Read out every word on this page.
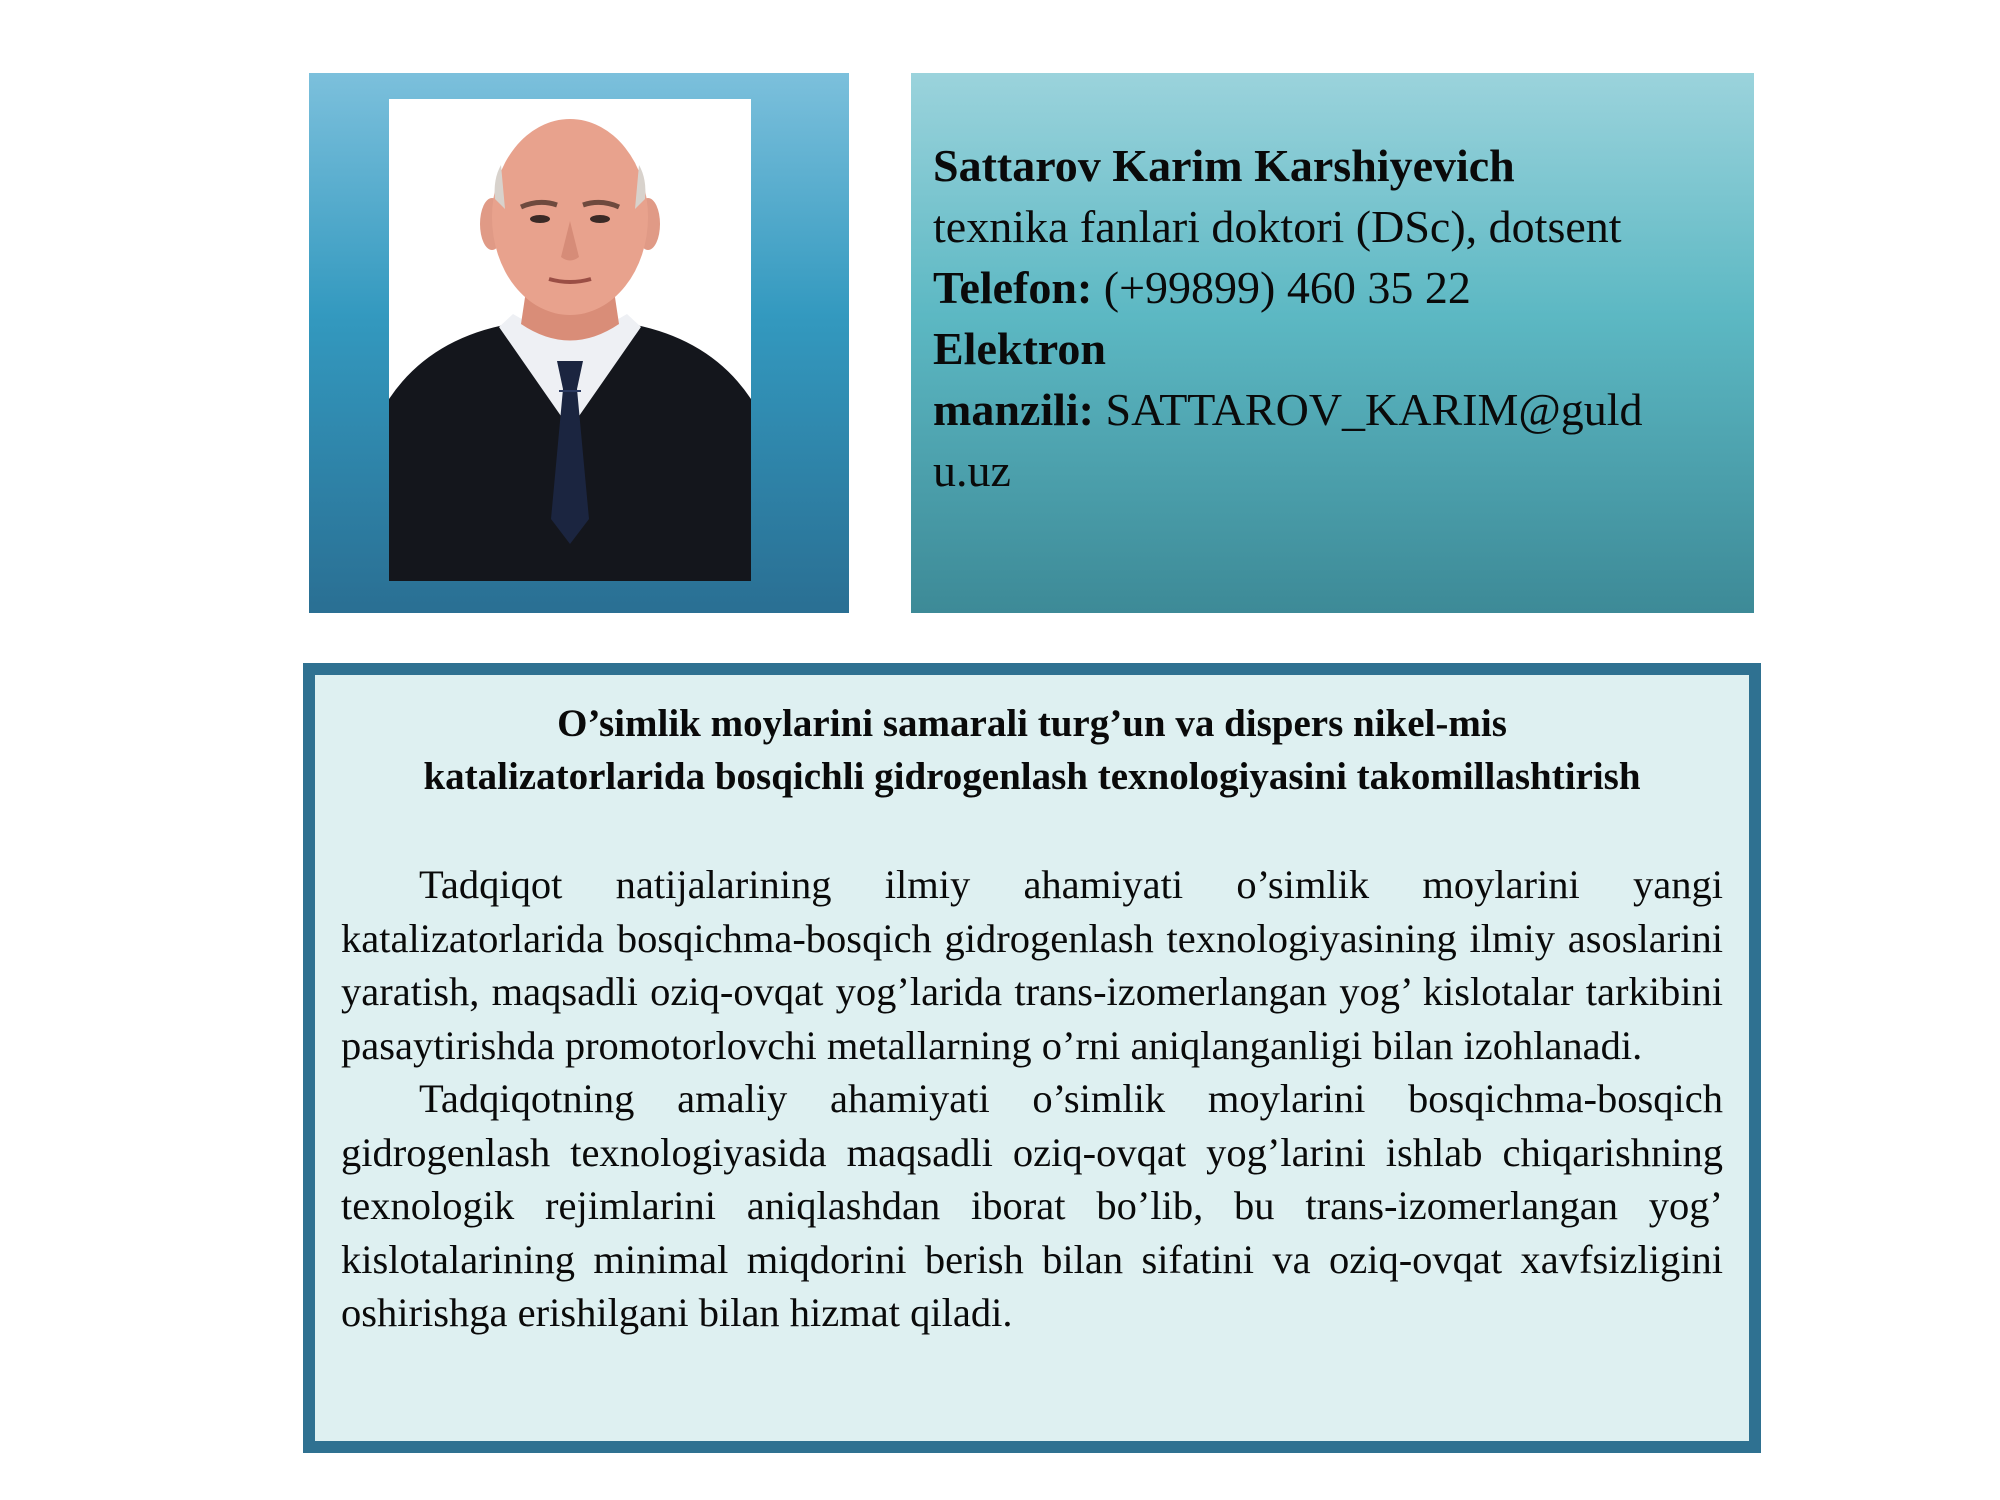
Sattarov Karim Karshiyevich

texnika fanlari doktori (DSc), dotsent

Telefon: (+99899) 460 35 22

Elektron

manzili: SATTAROV_KARIM@guld

u.uz

O’simlik moylarini samarali turg’un va dispers nikel-mis

katalizatorlarida bosqichli gidrogenlash texnologiyasini takomillashtirish

Tadqiqot natijalarining ilmiy ahamiyati o’simlik moylarini yangi katalizatorlarida bosqichma-bosqich gidrogenlash texnologiyasining ilmiy asoslarini yaratish, maqsadli oziq-ovqat yog’larida trans-izomerlangan yog’ kislotalar tarkibini pasaytirishda promotorlovchi metallarning o’rni aniqlanganligi bilan izohlanadi.

Tadqiqotning amaliy ahamiyati o’simlik moylarini bosqichma-bosqich gidrogenlash texnologiyasida maqsadli oziq-ovqat yog’larini ishlab chiqarishning texnologik rejimlarini aniqlashdan iborat bo’lib, bu trans-izomerlangan yog’ kislotalarining minimal miqdorini berish bilan sifatini va oziq-ovqat xavfsizligini oshirishga erishilgani bilan hizmat qiladi.
